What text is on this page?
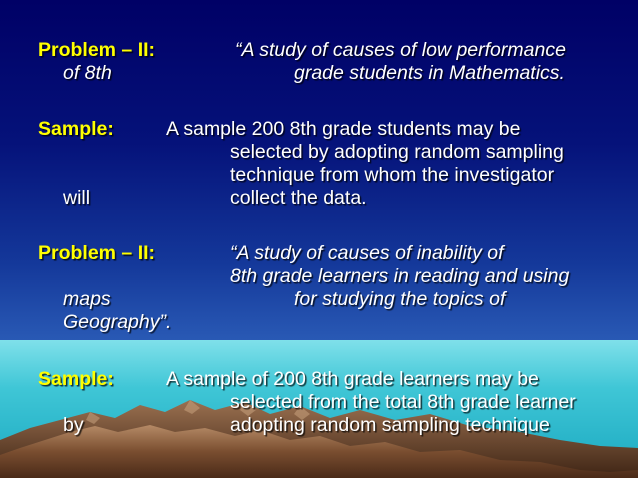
Problem – II:	“A study of causes of low performance
of 8th	grade students in Mathematics.
Sample:	A sample 200 8th grade students may be
selected by adopting random sampling
technique from whom the investigator
will	collect the data.
Problem – II:	“A study of causes of inability of
8th grade learners in reading and using
maps	for studying the topics of
Geography”.
Sample:	A sample of 200 8th grade learners may be
selected from the total 8th grade learner
by	adopting random sampling technique
